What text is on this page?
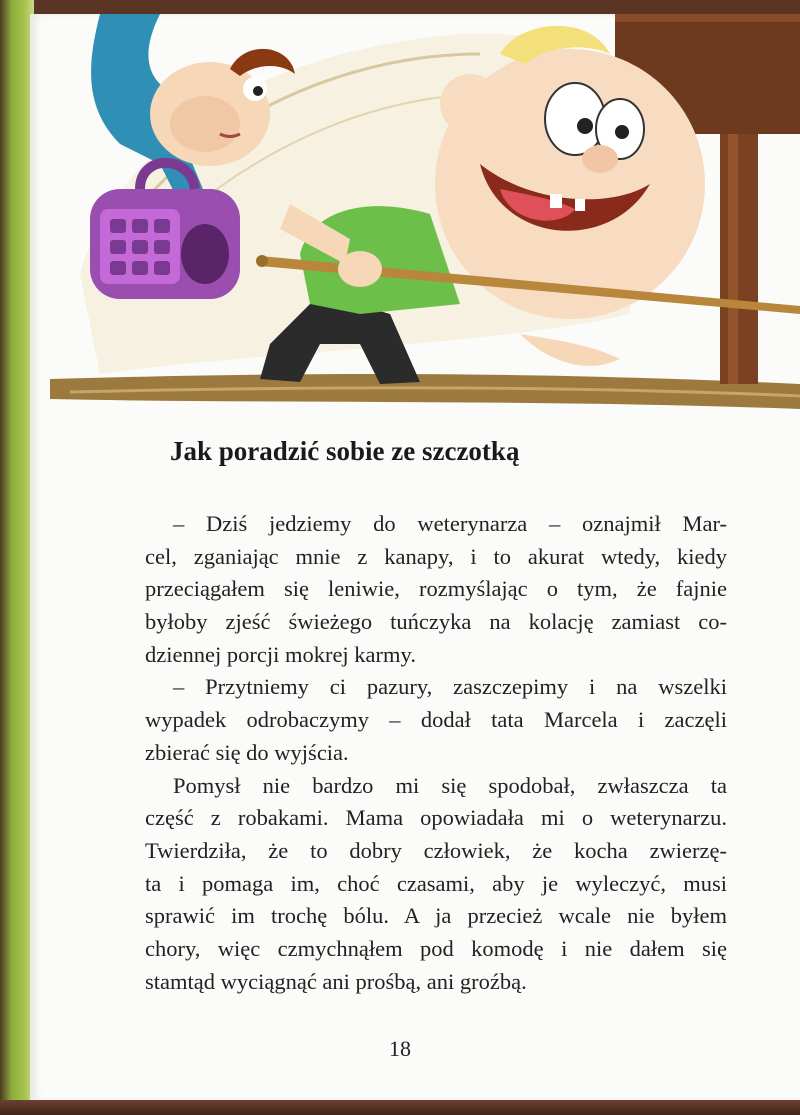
Jak poradzić sobie ze szczotką
– Dziś jedziemy do weterynarza – oznajmił Mar-
cel, zganiając mnie z kanapy, i to akurat wtedy, kiedy
przeciągałem się leniwie, rozmyślając o tym, że fajnie
byłoby zjeść świeżego tuńczyka na kolację zamiast co-
dziennej porcji mokrej karmy.
– Przytniemy ci pazury, zaszczepimy i na wszelki
wypadek odrobaczymy – dodał tata Marcela i zaczęli
zbierać się do wyjścia.
Pomysł nie bardzo mi się spodobał, zwłaszcza ta
część z robakami. Mama opowiadała mi o weterynarzu.
Twierdziła, że to dobry człowiek, że kocha zwierzę-
ta i pomaga im, choć czasami, aby je wyleczyć, musi
sprawić im trochę bólu. A ja przecież wcale nie byłem
chory, więc czmychnąłem pod komodę i nie dałem się
stamtąd wyciągnąć ani prośbą, ani groźbą.
18
